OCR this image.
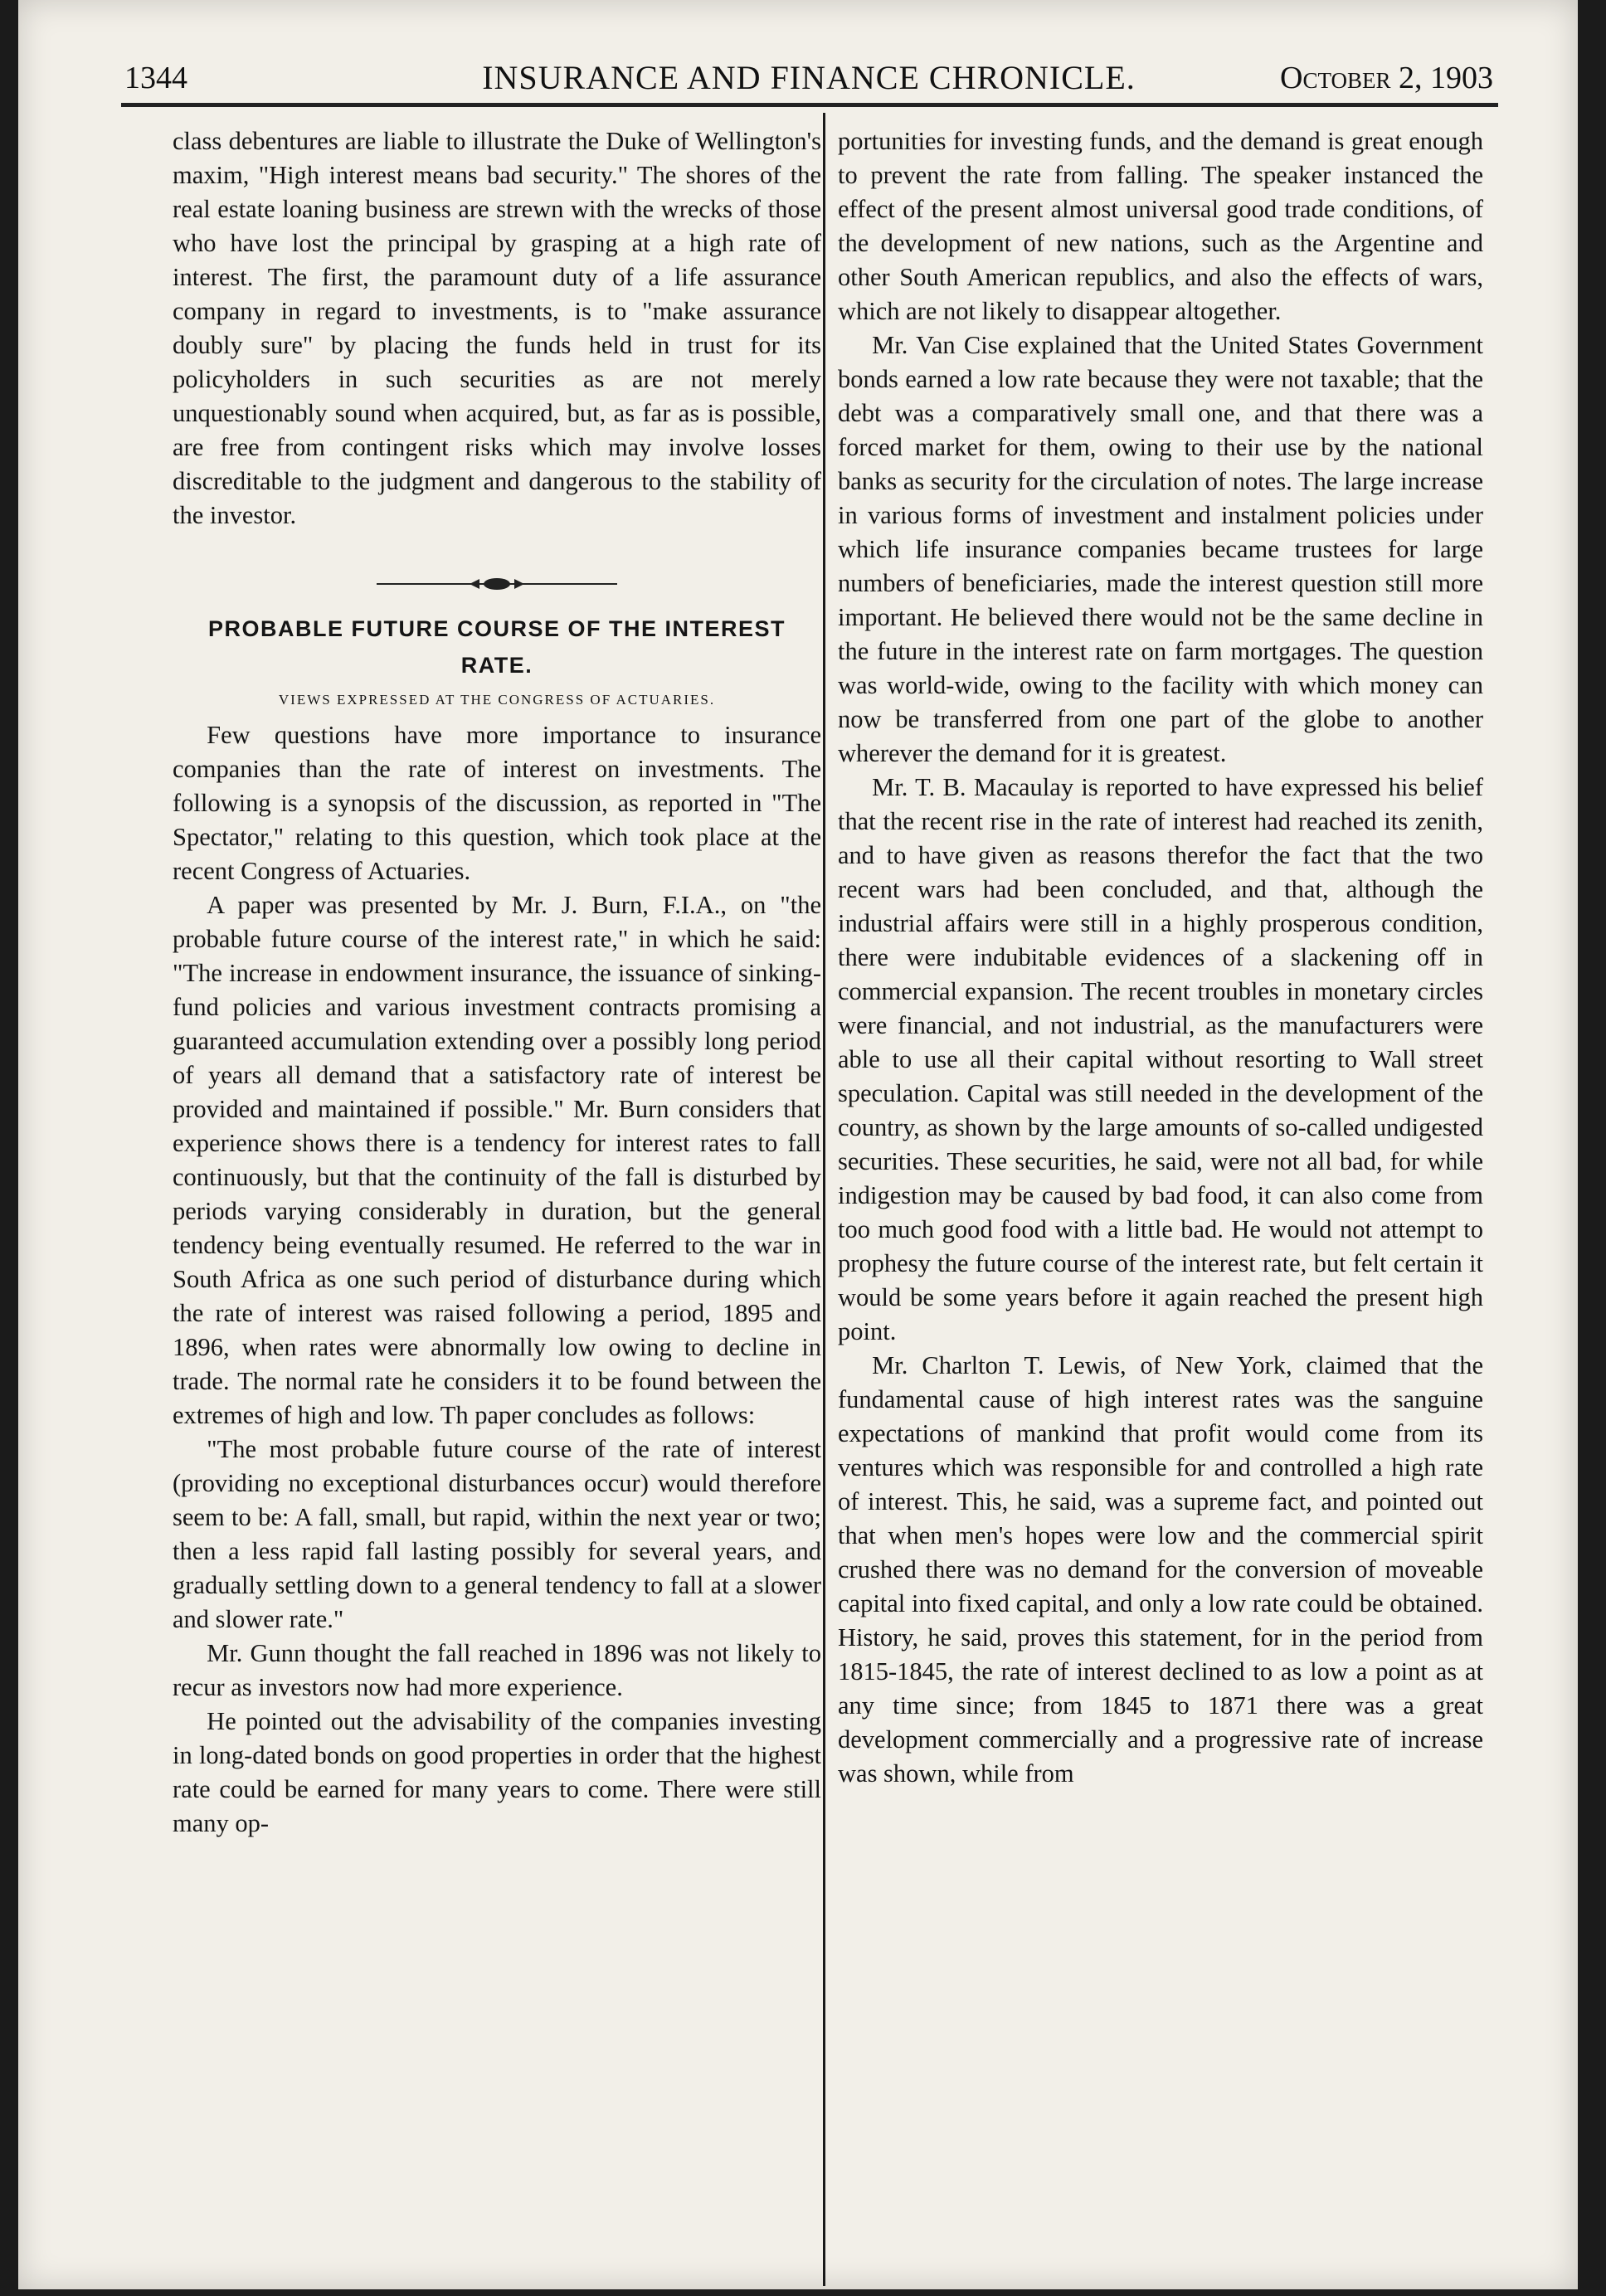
1344	INSURANCE AND FINANCE CHRONICLE.	October 2, 1903

class debentures are liable to illustrate the Duke of Wellington's maxim, "High interest means bad security." The shores of the real estate loaning business are strewn with the wrecks of those who have lost the principal by grasping at a high rate of interest. The first, the paramount duty of a life assurance company in regard to investments, is to "make assurance doubly sure" by placing the funds held in trust for its policyholders in such securities as are not merely unquestionably sound when acquired, but, as far as is possible, are free from contingent risks which may involve losses discreditable to the judgment and dangerous to the stability of the investor.

PROBABLE FUTURE COURSE OF THE INTEREST RATE.
VIEWS EXPRESSED AT THE CONGRESS OF ACTUARIES.

Few questions have more importance to insurance companies than the rate of interest on investments. The following is a synopsis of the discussion, as reported in "The Spectator," relating to this question, which took place at the recent Congress of Actuaries.

A paper was presented by Mr. J. Burn, F.I.A., on "the probable future course of the interest rate," in which he said: "The increase in endowment insurance, the issuance of sinking-fund policies and various investment contracts promising a guaranteed accumulation extending over a possibly long period of years all demand that a satisfactory rate of interest be provided and maintained if possible." Mr. Burn considers that experience shows there is a tendency for interest rates to fall continuously, but that the continuity of the fall is disturbed by periods varying considerably in duration, but the general tendency being eventually resumed. He referred to the war in South Africa as one such period of disturbance during which the rate of interest was raised following a period, 1895 and 1896, when rates were abnormally low owing to decline in trade. The normal rate he considers it to be found between the extremes of high and low. Th paper concludes as follows:

"The most probable future course of the rate of interest (providing no exceptional disturbances occur) would therefore seem to be: A fall, small, but rapid, within the next year or two; then a less rapid fall lasting possibly for several years, and gradually settling down to a general tendency to fall at a slower and slower rate."

Mr. Gunn thought the fall reached in 1896 was not likely to recur as investors now had more experience.

He pointed out the advisability of the companies investing in long-dated bonds on good properties in order that the highest rate could be earned for many years to come. There were still many op-

portunities for investing funds, and the demand is great enough to prevent the rate from falling. The speaker instanced the effect of the present almost universal good trade conditions, of the development of new nations, such as the Argentine and other South American republics, and also the effects of wars, which are not likely to disappear altogether.

Mr. Van Cise explained that the United States Government bonds earned a low rate because they were not taxable; that the debt was a comparatively small one, and that there was a forced market for them, owing to their use by the national banks as security for the circulation of notes. The large increase in various forms of investment and instalment policies under which life insurance companies became trustees for large numbers of beneficiaries, made the interest question still more important. He believed there would not be the same decline in the future in the interest rate on farm mortgages. The question was world-wide, owing to the facility with which money can now be transferred from one part of the globe to another wherever the demand for it is greatest.

Mr. T. B. Macaulay is reported to have expressed his belief that the recent rise in the rate of interest had reached its zenith, and to have given as reasons therefor the fact that the two recent wars had been concluded, and that, although the industrial affairs were still in a highly prosperous condition, there were indubitable evidences of a slackening off in commercial expansion. The recent troubles in monetary circles were financial, and not industrial, as the manufacturers were able to use all their capital without resorting to Wall street speculation. Capital was still needed in the development of the country, as shown by the large amounts of so-called undigested securities. These securities, he said, were not all bad, for while indigestion may be caused by bad food, it can also come from too much good food with a little bad. He would not attempt to prophesy the future course of the interest rate, but felt certain it would be some years before it again reached the present high point.

Mr. Charlton T. Lewis, of New York, claimed that the fundamental cause of high interest rates was the sanguine expectations of mankind that profit would come from its ventures which was responsible for and controlled a high rate of interest. This, he said, was a supreme fact, and pointed out that when men's hopes were low and the commercial spirit crushed there was no demand for the conversion of moveable capital into fixed capital, and only a low rate could be obtained. History, he said, proves this statement, for in the period from 1815-1845, the rate of interest declined to as low a point as at any time since; from 1845 to 1871 there was a great development commercially and a progressive rate of increase was shown, while from
